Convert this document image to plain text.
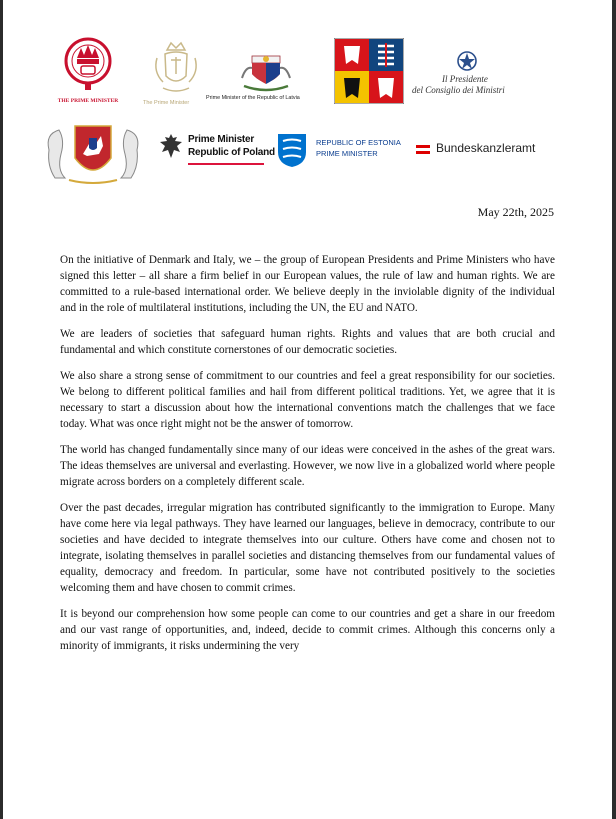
THE PRIME MINISTER	The Prime Minister
Prime Minister of the Republic of Latvia
Il Presidente
del Consiglio dei Ministri
Prime Minister
Republic of Poland
REPUBLIC OF ESTONIA
PRIME MINISTER	Bundeskanzleramt
May 22th, 2025

On the initiative of Denmark and Italy, we – the group of European Presidents and Prime Ministers who have signed this letter – all share a firm belief in our European values, the rule of law and human rights. We are committed to a rule-based international order. We believe deeply in the inviolable dignity of the individual and in the role of multilateral institutions, including the UN, the EU and NATO.

We are leaders of societies that safeguard human rights. Rights and values that are both crucial and fundamental and which constitute cornerstones of our democratic societies.

We also share a strong sense of commitment to our countries and feel a great responsibility for our societies. We belong to different political families and hail from different political traditions. Yet, we agree that it is necessary to start a discussion about how the international conventions match the challenges that we face today. What was once right might not be the answer of tomorrow.

The world has changed fundamentally since many of our ideas were conceived in the ashes of the great wars. The ideas themselves are universal and everlasting. However, we now live in a globalized world where people migrate across borders on a completely different scale.

Over the past decades, irregular migration has contributed significantly to the immigration to Europe. Many have come here via legal pathways. They have learned our languages, believe in democracy, contribute to our societies and have decided to integrate themselves into our culture. Others have come and chosen not to integrate, isolating themselves in parallel societies and distancing themselves from our fundamental values of equality, democracy and freedom. In particular, some have not contributed positively to the societies welcoming them and have chosen to commit crimes.

It is beyond our comprehension how some people can come to our countries and get a share in our freedom and our vast range of opportunities, and, indeed, decide to commit crimes. Although this concerns only a minority of immigrants, it risks undermining the very
